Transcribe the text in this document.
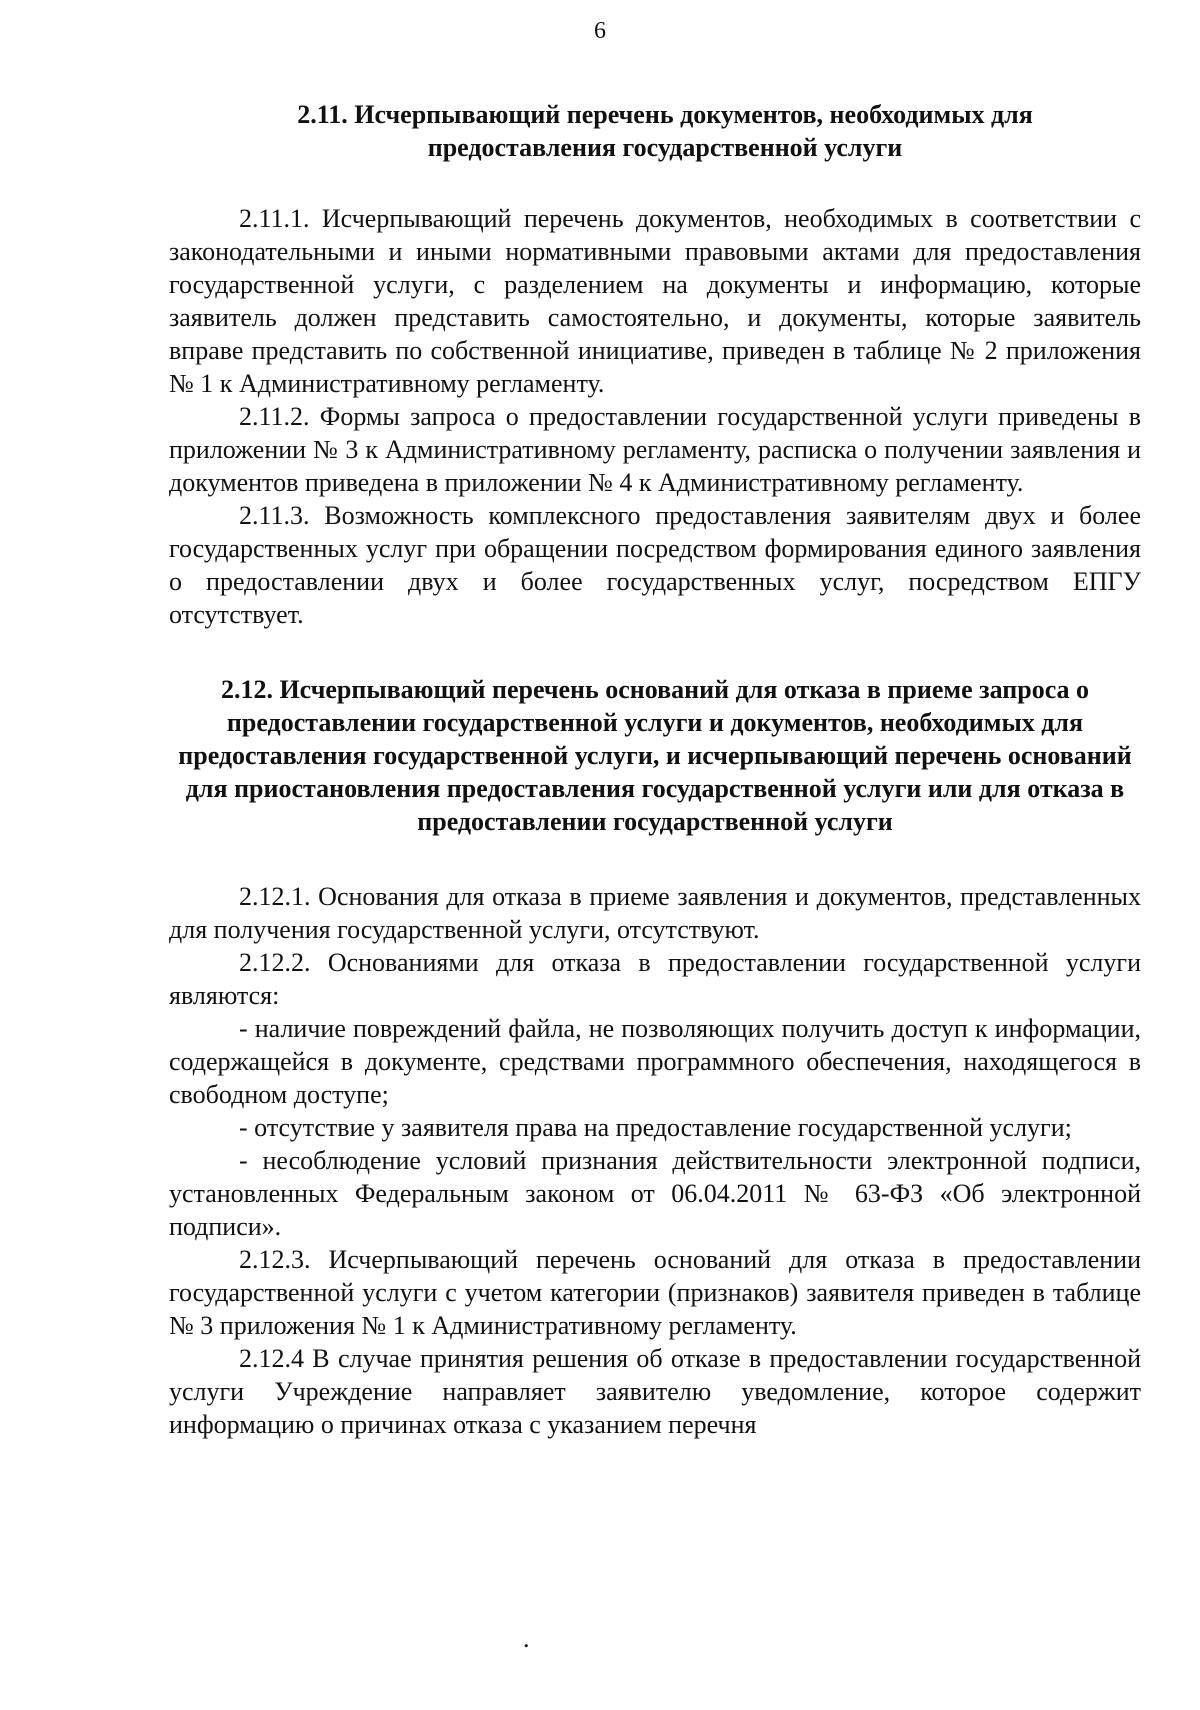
6

2.11. Исчерпывающий перечень документов, необходимых для предоставления государственной услуги

2.11.1. Исчерпывающий перечень документов, необходимых в соответствии с законодательными и иными нормативными правовыми актами для предоставления государственной услуги, с разделением на документы и информацию, которые заявитель должен представить самостоятельно, и документы, которые заявитель вправе представить по собственной инициативе, приведен в таблице № 2 приложения № 1 к Административному регламенту.

2.11.2. Формы запроса о предоставлении государственной услуги приведены в приложении № 3 к Административному регламенту, расписка о получении заявления и документов приведена в приложении № 4 к Административному регламенту.

2.11.3. Возможность комплексного предоставления заявителям двух и более государственных услуг при обращении посредством формирования единого заявления о предоставлении двух и более государственных услуг, посредством ЕПГУ отсутствует.

2.12. Исчерпывающий перечень оснований для отказа в приеме запроса о предоставлении государственной услуги и документов, необходимых для предоставления государственной услуги, и исчерпывающий перечень оснований для приостановления предоставления государственной услуги или для отказа в предоставлении государственной услуги

2.12.1. Основания для отказа в приеме заявления и документов, представленных для получения государственной услуги, отсутствуют.

2.12.2. Основаниями для отказа в предоставлении государственной услуги являются:

- наличие повреждений файла, не позволяющих получить доступ к информации, содержащейся в документе, средствами программного обеспечения, находящегося в свободном доступе;

- отсутствие у заявителя права на предоставление государственной услуги;

- несоблюдение условий признания действительности электронной подписи, установленных Федеральным законом от 06.04.2011 № 63-ФЗ «Об электронной подписи».

2.12.3. Исчерпывающий перечень оснований для отказа в предоставлении государственной услуги с учетом категории (признаков) заявителя приведен в таблице № 3 приложения № 1 к Административному регламенту.

2.12.4 В случае принятия решения об отказе в предоставлении государственной услуги Учреждение направляет заявителю уведомление, которое содержит информацию о причинах отказа с указанием перечня

.
